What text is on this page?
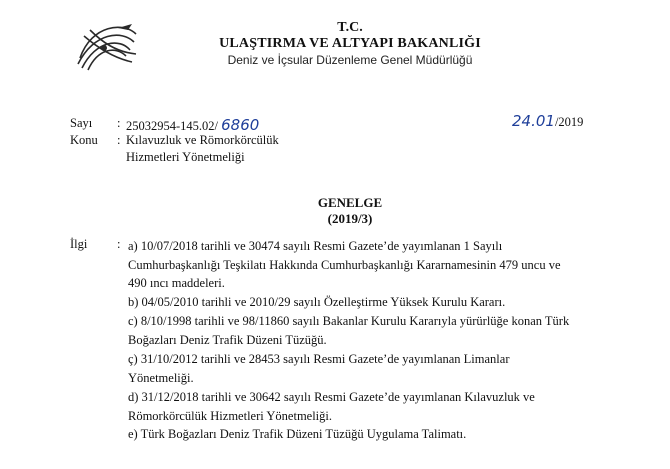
T.C.
ULAŞTIRMA VE ALTYAPI BAKANLIĞI
Deniz ve İçsular Düzenleme Genel Müdürlüğü
Sayı : 25032954-145.02/ 6860	24.01/2019
Konu : Kılavuzluk ve Römorkörcülük
Hizmetleri Yönetmeliği
GENELGE
(2019/3)
İlgi : a) 10/07/2018 tarihli ve 30474 sayılı Resmi Gazete’de yayımlanan 1 Sayılı Cumhurbaşkanlığı Teşkilatı Hakkında Cumhurbaşkanlığı Kararnamesinin 479 uncu ve 490 ıncı maddeleri.
b) 04/05/2010 tarihli ve 2010/29 sayılı Özelleştirme Yüksek Kurulu Kararı.
c) 8/10/1998 tarihli ve 98/11860 sayılı Bakanlar Kurulu Kararıyla yürürlüğe konan Türk Boğazları Deniz Trafik Düzeni Tüzüğü.
ç) 31/10/2012 tarihli ve 28453 sayılı Resmi Gazete’de yayımlanan Limanlar Yönetmeliği.
d) 31/12/2018 tarihli ve 30642 sayılı Resmi Gazete’de yayımlanan Kılavuzluk ve Römorkörcülük Hizmetleri Yönetmeliği.
e) Türk Boğazları Deniz Trafik Düzeni Tüzüğü Uygulama Talimatı.
